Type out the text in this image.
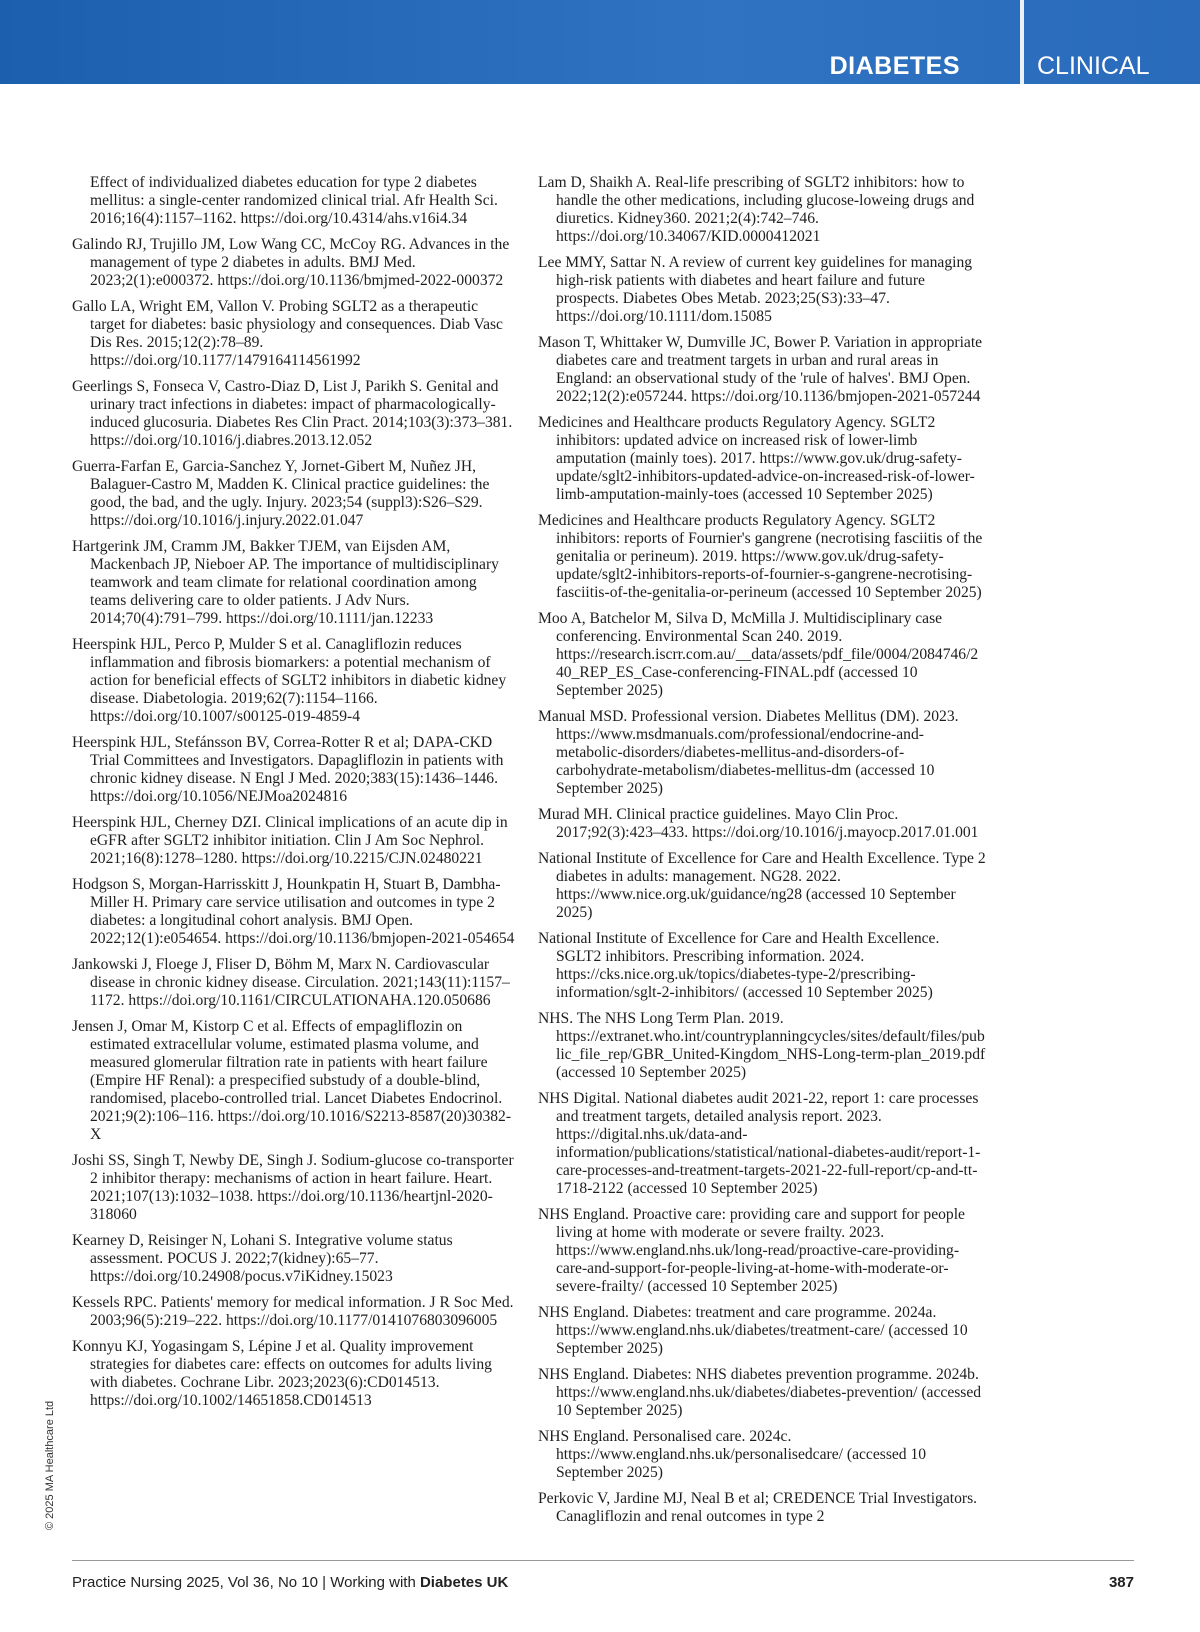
DIABETES	CLINICAL

Effect of individualized diabetes education for type 2 diabetes mellitus: a single-center randomized clinical trial. Afr Health Sci. 2016;16(4):1157–1162. https://doi.org/10.4314/ahs.v16i4.34

Galindo RJ, Trujillo JM, Low Wang CC, McCoy RG. Advances in the management of type 2 diabetes in adults. BMJ Med. 2023;2(1):e000372. https://doi.org/10.1136/bmjmed-2022-000372

Gallo LA, Wright EM, Vallon V. Probing SGLT2 as a therapeutic target for diabetes: basic physiology and consequences. Diab Vasc Dis Res. 2015;12(2):78–89. https://doi.org/10.1177/1479164114561992

Geerlings S, Fonseca V, Castro-Diaz D, List J, Parikh S. Genital and urinary tract infections in diabetes: impact of pharmacologically-induced glucosuria. Diabetes Res Clin Pract. 2014;103(3):373–381. https://doi.org/10.1016/j.diabres.2013.12.052

Guerra-Farfan E, Garcia-Sanchez Y, Jornet-Gibert M, Nuñez JH, Balaguer-Castro M, Madden K. Clinical practice guidelines: the good, the bad, and the ugly. Injury. 2023;54 (suppl3):S26–S29. https://doi.org/10.1016/j.injury.2022.01.047

Hartgerink JM, Cramm JM, Bakker TJEM, van Eijsden AM, Mackenbach JP, Nieboer AP. The importance of multidisciplinary teamwork and team climate for relational coordination among teams delivering care to older patients. J Adv Nurs. 2014;70(4):791–799. https://doi.org/10.1111/jan.12233

Heerspink HJL, Perco P, Mulder S et al. Canagliflozin reduces inflammation and fibrosis biomarkers: a potential mechanism of action for beneficial effects of SGLT2 inhibitors in diabetic kidney disease. Diabetologia. 2019;62(7):1154–1166. https://doi.org/10.1007/s00125-019-4859-4

Heerspink HJL, Stefánsson BV, Correa-Rotter R et al; DAPA-CKD Trial Committees and Investigators. Dapagliflozin in patients with chronic kidney disease. N Engl J Med. 2020;383(15):1436–1446. https://doi.org/10.1056/NEJMoa2024816

Heerspink HJL, Cherney DZI. Clinical implications of an acute dip in eGFR after SGLT2 inhibitor initiation. Clin J Am Soc Nephrol. 2021;16(8):1278–1280. https://doi.org/10.2215/CJN.02480221

Hodgson S, Morgan-Harrisskitt J, Hounkpatin H, Stuart B, Dambha-Miller H. Primary care service utilisation and outcomes in type 2 diabetes: a longitudinal cohort analysis. BMJ Open. 2022;12(1):e054654. https://doi.org/10.1136/bmjopen-2021-054654

Jankowski J, Floege J, Fliser D, Böhm M, Marx N. Cardiovascular disease in chronic kidney disease. Circulation. 2021;143(11):1157–1172. https://doi.org/10.1161/CIRCULATIONAHA.120.050686

Jensen J, Omar M, Kistorp C et al. Effects of empagliflozin on estimated extracellular volume, estimated plasma volume, and measured glomerular filtration rate in patients with heart failure (Empire HF Renal): a prespecified substudy of a double-blind, randomised, placebo-controlled trial. Lancet Diabetes Endocrinol. 2021;9(2):106–116. https://doi.org/10.1016/S2213-8587(20)30382-X

Joshi SS, Singh T, Newby DE, Singh J. Sodium-glucose co-transporter 2 inhibitor therapy: mechanisms of action in heart failure. Heart. 2021;107(13):1032–1038. https://doi.org/10.1136/heartjnl-2020-318060

Kearney D, Reisinger N, Lohani S. Integrative volume status assessment. POCUS J. 2022;7(kidney):65–77. https://doi.org/10.24908/pocus.v7iKidney.15023

Kessels RPC. Patients' memory for medical information. J R Soc Med. 2003;96(5):219–222. https://doi.org/10.1177/0141076803096005

Konnyu KJ, Yogasingam S, Lépine J et al. Quality improvement strategies for diabetes care: effects on outcomes for adults living with diabetes. Cochrane Libr. 2023;2023(6):CD014513. https://doi.org/10.1002/14651858.CD014513

Lam D, Shaikh A. Real-life prescribing of SGLT2 inhibitors: how to handle the other medications, including glucose-loweing drugs and diuretics. Kidney360. 2021;2(4):742–746. https://doi.org/10.34067/KID.0000412021

Lee MMY, Sattar N. A review of current key guidelines for managing high-risk patients with diabetes and heart failure and future prospects. Diabetes Obes Metab. 2023;25(S3):33–47. https://doi.org/10.1111/dom.15085

Mason T, Whittaker W, Dumville JC, Bower P. Variation in appropriate diabetes care and treatment targets in urban and rural areas in England: an observational study of the 'rule of halves'. BMJ Open. 2022;12(2):e057244. https://doi.org/10.1136/bmjopen-2021-057244

Medicines and Healthcare products Regulatory Agency. SGLT2 inhibitors: updated advice on increased risk of lower-limb amputation (mainly toes). 2017. https://www.gov.uk/drug-safety-update/sglt2-inhibitors-updated-advice-on-increased-risk-of-lower-limb-amputation-mainly-toes (accessed 10 September 2025)

Medicines and Healthcare products Regulatory Agency. SGLT2 inhibitors: reports of Fournier's gangrene (necrotising fasciitis of the genitalia or perineum). 2019. https://www.gov.uk/drug-safety-update/sglt2-inhibitors-reports-of-fournier-s-gangrene-necrotising-fasciitis-of-the-genitalia-or-perineum (accessed 10 September 2025)

Moo A, Batchelor M, Silva D, McMilla J. Multidisciplinary case conferencing. Environmental Scan 240. 2019. https://research.iscrr.com.au/__data/assets/pdf_file/0004/2084746/240_REP_ES_Case-conferencing-FINAL.pdf (accessed 10 September 2025)

Manual MSD. Professional version. Diabetes Mellitus (DM). 2023. https://www.msdmanuals.com/professional/endocrine-and-metabolic-disorders/diabetes-mellitus-and-disorders-of-carbohydrate-metabolism/diabetes-mellitus-dm (accessed 10 September 2025)

Murad MH. Clinical practice guidelines. Mayo Clin Proc. 2017;92(3):423–433. https://doi.org/10.1016/j.mayocp.2017.01.001

National Institute of Excellence for Care and Health Excellence. Type 2 diabetes in adults: management. NG28. 2022. https://www.nice.org.uk/guidance/ng28 (accessed 10 September 2025)

National Institute of Excellence for Care and Health Excellence. SGLT2 inhibitors. Prescribing information. 2024. https://cks.nice.org.uk/topics/diabetes-type-2/prescribing-information/sglt-2-inhibitors/ (accessed 10 September 2025)

NHS. The NHS Long Term Plan. 2019. https://extranet.who.int/countryplanningcycles/sites/default/files/public_file_rep/GBR_United-Kingdom_NHS-Long-term-plan_2019.pdf (accessed 10 September 2025)

NHS Digital. National diabetes audit 2021-22, report 1: care processes and treatment targets, detailed analysis report. 2023. https://digital.nhs.uk/data-and-information/publications/statistical/national-diabetes-audit/report-1-care-processes-and-treatment-targets-2021-22-full-report/cp-and-tt-1718-2122 (accessed 10 September 2025)

NHS England. Proactive care: providing care and support for people living at home with moderate or severe frailty. 2023. https://www.england.nhs.uk/long-read/proactive-care-providing-care-and-support-for-people-living-at-home-with-moderate-or-severe-frailty/ (accessed 10 September 2025)

NHS England. Diabetes: treatment and care programme. 2024a. https://www.england.nhs.uk/diabetes/treatment-care/ (accessed 10 September 2025)

NHS England. Diabetes: NHS diabetes prevention programme. 2024b. https://www.england.nhs.uk/diabetes/diabetes-prevention/ (accessed 10 September 2025)

NHS England. Personalised care. 2024c. https://www.england.nhs.uk/personalisedcare/ (accessed 10 September 2025)

Perkovic V, Jardine MJ, Neal B et al; CREDENCE Trial Investigators. Canagliflozin and renal outcomes in type 2

© 2025 MA Healthcare Ltd
Practice Nursing 2025, Vol 36, No 10 | Working with Diabetes UK	387
